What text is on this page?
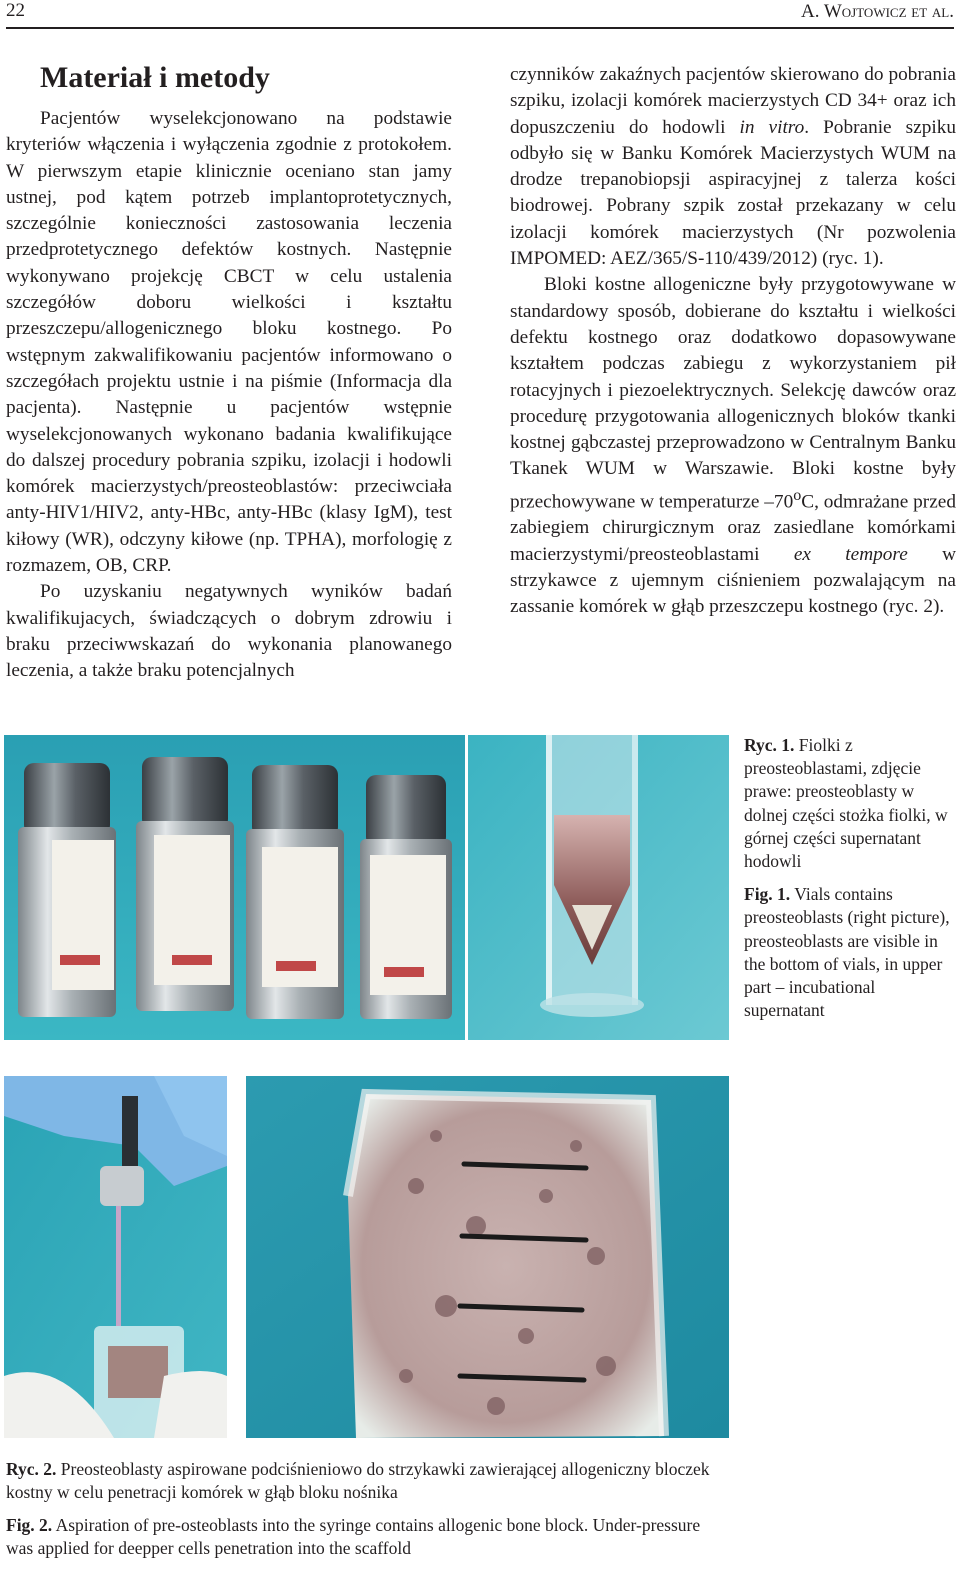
22	A. Wojtowicz et al.
Materiał i metody

Pacjentów wyselekcjonowano na podstawie kryteriów włączenia i wyłączenia zgodnie z protokołem. W pierwszym etapie klinicznie oceniano stan jamy ustnej, pod kątem potrzeb implantoprotetycznych, szczególnie konieczności zastosowania leczenia przedprotetycznego defektów kostnych. Następnie wykonywano projekcję CBCT w celu ustalenia szczegółów doboru wielkości i kształtu przeszczepu/allogenicznego bloku kostnego. Po wstępnym zakwalifikowaniu pacjentów informowano o szczegółach projektu ustnie i na piśmie (Informacja dla pacjenta). Następnie u pacjentów wstępnie wyselekcjonowanych wykonano badania kwalifikujące do dalszej procedury pobrania szpiku, izolacji i hodowli komórek macierzystych/preosteoblastów: przeciwciała anty-HIV1/HIV2, anty-HBc, anty-HBc (klasy IgM), test kiłowy (WR), odczyny kiłowe (np. TPHA), morfologię z rozmazem, OB, CRP.

Po uzyskaniu negatywnych wyników badań kwalifikujacych, świadczących o dobrym zdrowiu i braku przeciwwskazań do wykonania planowanego leczenia, a także braku potencjalnych

czynników zakaźnych pacjentów skierowano do pobrania szpiku, izolacji komórek macierzystych CD 34+ oraz ich dopuszczeniu do hodowli in vitro. Pobranie szpiku odbyło się w Banku Komórek Macierzystych WUM na drodze trepanobiopsji aspiracyjnej z talerza kości biodrowej. Pobrany szpik został przekazany w celu izolacji komórek macierzystych (Nr pozwolenia IMPOMED: AEZ/365/S-110/439/2012) (ryc. 1).

Bloki kostne allogeniczne były przygotowywane w standardowy sposób, dobierane do kształtu i wielkości defektu kostnego oraz dodatkowo dopasowywane kształtem podczas zabiegu z wykorzystaniem pił rotacyjnych i piezoelektrycznych. Selekcję dawców oraz procedurę przygotowania allogenicznych bloków tkanki kostnej gąbczastej przeprowadzono w Centralnym Banku Tkanek WUM w Warszawie. Bloki kostne były przechowywane w temperaturze –70$^o$C, odmrażane przed zabiegiem chirurgicznym oraz zasiedlane komórkami macierzystymi/preosteoblastami ex tempore w strzykawce z ujemnym ciśnieniem pozwalającym na zassanie komórek w głąb przeszczepu kostnego (ryc. 2).

Ryc. 1. Fiolki z preosteoblastami, zdjęcie prawe: preosteoblasty w dolnej części stożka fiolki, w górnej części supernatant hodowli

Fig. 1. Vials contains preosteoblasts (right picture), preosteoblasts are visible in the bottom of vials, in upper part – incubational supernatant

Ryc. 2. Preosteoblasty aspirowane podciśnieniowo do strzykawki zawierającej allogeniczny bloczek kostny w celu penetracji komórek w głąb bloku nośnika

Fig. 2. Aspiration of pre-osteoblasts into the syringe contains allogenic bone block. Under-pressure was applied for deepper cells penetration into the scaffold
